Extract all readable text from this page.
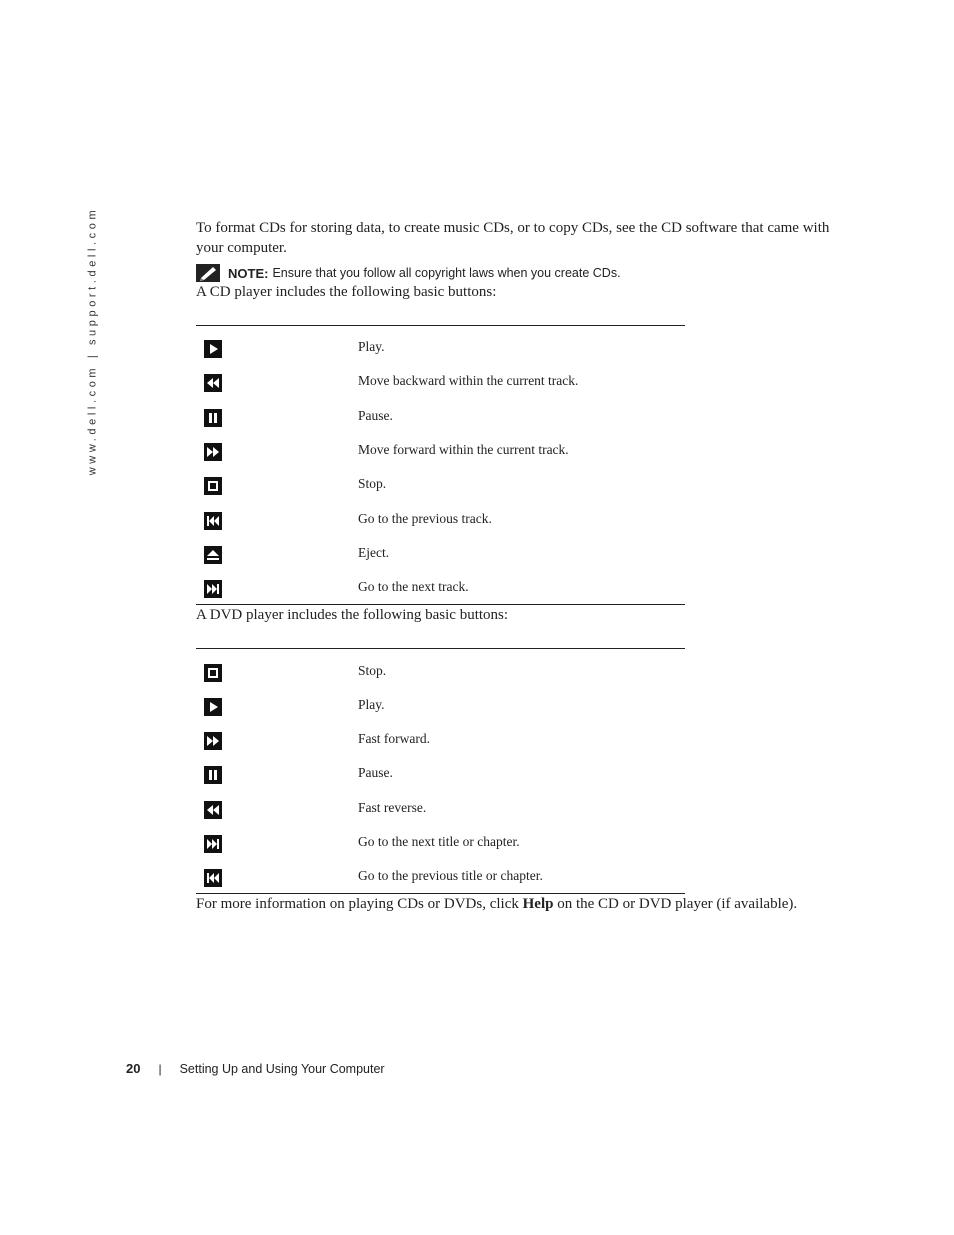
www.dell.com | support.dell.com	To format CDs for storing data, to create music CDs, or to copy CDs, see the CD software that came with your computer.

NOTE: Ensure that you follow all copyright laws when you create CDs.

A CD player includes the following basic buttons:

	Play.

	Move backward within the current track.

	Pause.

	Move forward within the current track.

	Stop.

	Go to the previous track.

	Eject.

	Go to the next track.

A DVD player includes the following basic buttons:

	Stop.

	Play.

	Fast forward.

	Pause.

	Fast reverse.

	Go to the next title or chapter.

	Go to the previous title or chapter.

For more information on playing CDs or DVDs, click Help on the CD or DVD player (if available).

20 | Setting Up and Using Your Computer
